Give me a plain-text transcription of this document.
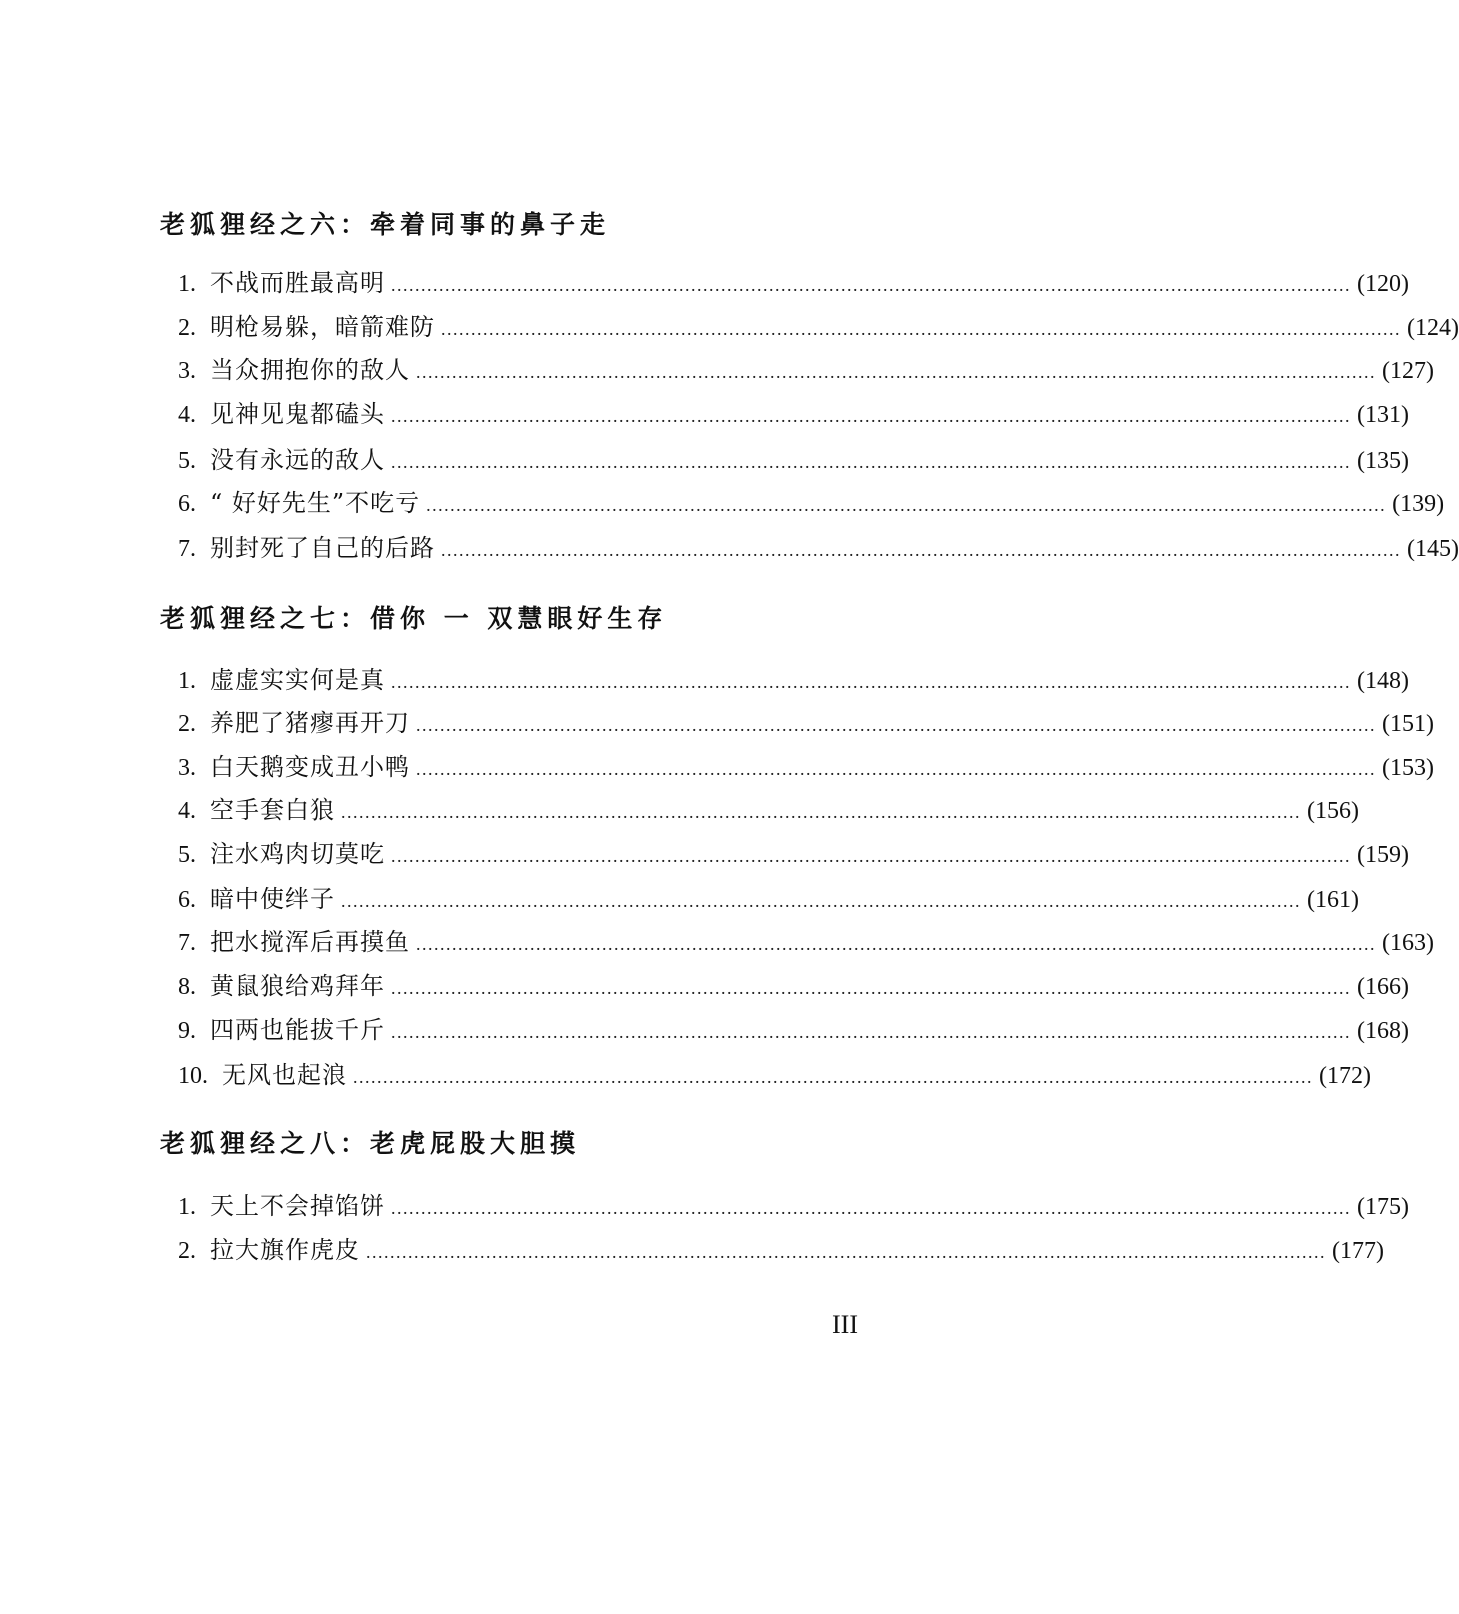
老狐狸经之六：牵着同事的鼻子走
1. 不战而胜最高明 ................................................................................................................................................................ (120)
2. 明枪易躲，暗箭难防 ................................................................................................................................................................ (124)
3. 当众拥抱你的敌人 ................................................................................................................................................................ (127)
4. 见神见鬼都磕头 ................................................................................................................................................................ (131)
5. 没有永远的敌人 ................................................................................................................................................................ (135)
6. “ 好好先生”不吃亏 ................................................................................................................................................................ (139)
7. 别封死了自己的后路 ................................................................................................................................................................ (145)
老狐狸经之七：借你 一 双慧眼好生存
1. 虚虚实实何是真 ................................................................................................................................................................ (148)
2. 养肥了猪瘳再开刀 ................................................................................................................................................................ (151)
3. 白天鹅变成丑小鸭 ................................................................................................................................................................ (153)
4. 空手套白狼 ................................................................................................................................................................ (156)
5. 注水鸡肉切莫吃 ................................................................................................................................................................ (159)
6. 暗中使绊子 ................................................................................................................................................................ (161)
7. 把水搅浑后再摸鱼 ................................................................................................................................................................ (163)
8. 黄鼠狼给鸡拜年 ................................................................................................................................................................ (166)
9. 四两也能拔千斤 ................................................................................................................................................................ (168)
10. 无风也起浪 ................................................................................................................................................................ (172)
老狐狸经之八：老虎屁股大胆摸
1. 天上不会掉馅饼 ................................................................................................................................................................ (175)
2. 拉大旗作虎皮 ................................................................................................................................................................ (177)
III
